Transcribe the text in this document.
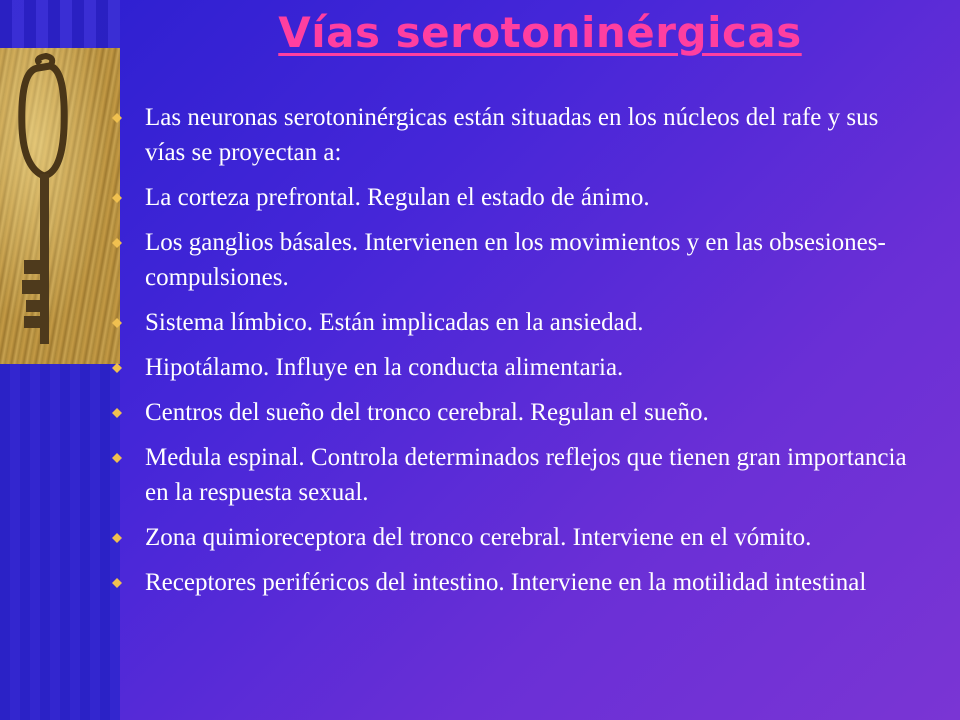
Vías serotoninérgicas
Las neuronas serotoninérgicas están situadas en los núcleos del rafe y sus vías se proyectan a:
La corteza prefrontal. Regulan el estado de ánimo.
Los ganglios básales. Intervienen en los movimientos y en las obsesiones-compulsiones.
Sistema límbico. Están implicadas en la ansiedad.
Hipotálamo. Influye en la conducta alimentaria.
Centros del sueño del tronco cerebral. Regulan el sueño.
Medula espinal. Controla determinados reflejos que tienen gran importancia en la respuesta sexual.
Zona quimioreceptora del tronco cerebral. Interviene en el vómito.
Receptores periféricos del intestino. Interviene en la motilidad intestinal
